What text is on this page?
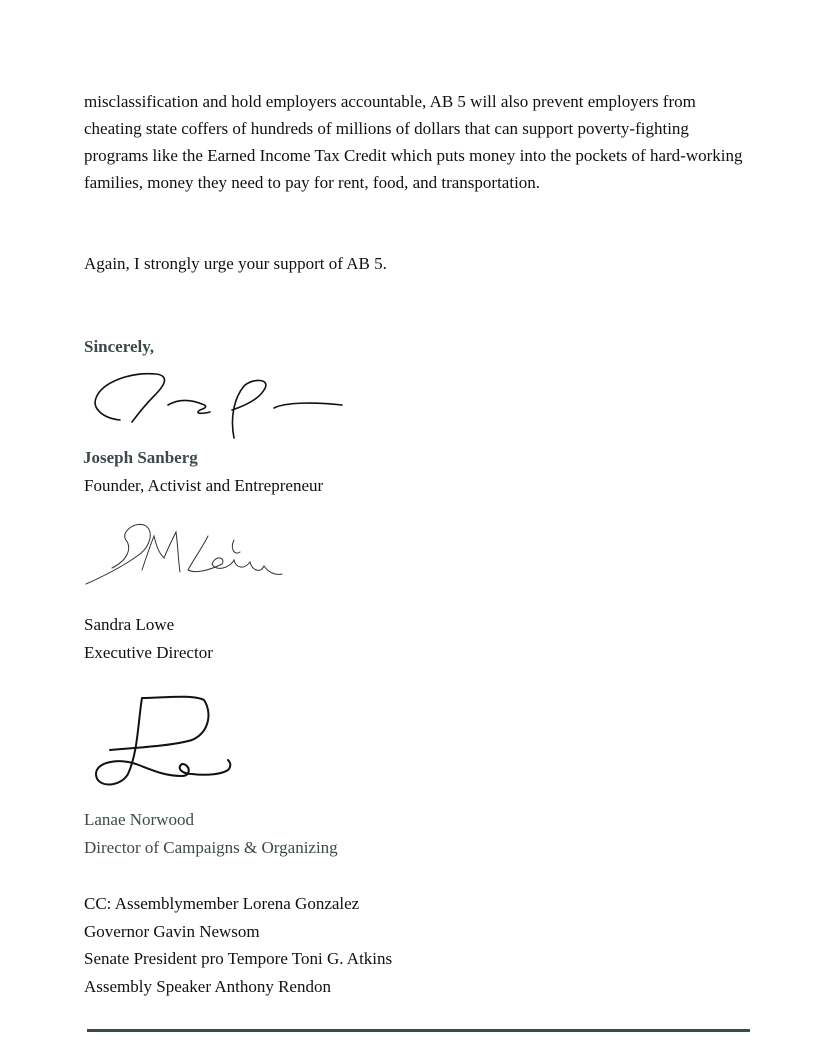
misclassification and hold employers accountable, AB 5 will also prevent employers from cheating state coffers of hundreds of millions of dollars that can support poverty-fighting programs like the Earned Income Tax Credit which puts money into the pockets of hard-working families, money they need to pay for rent, food, and transportation.

Again, I strongly urge your support of AB 5.
Sincerely,
Joseph Sanberg
Founder, Activist and Entrepreneur
Sandra Lowe
Executive Director
Lanae Norwood
Director of Campaigns & Organizing
CC: Assemblymember Lorena Gonzalez
Governor Gavin Newsom
Senate President pro Tempore Toni G. Atkins
Assembly Speaker Anthony Rendon
